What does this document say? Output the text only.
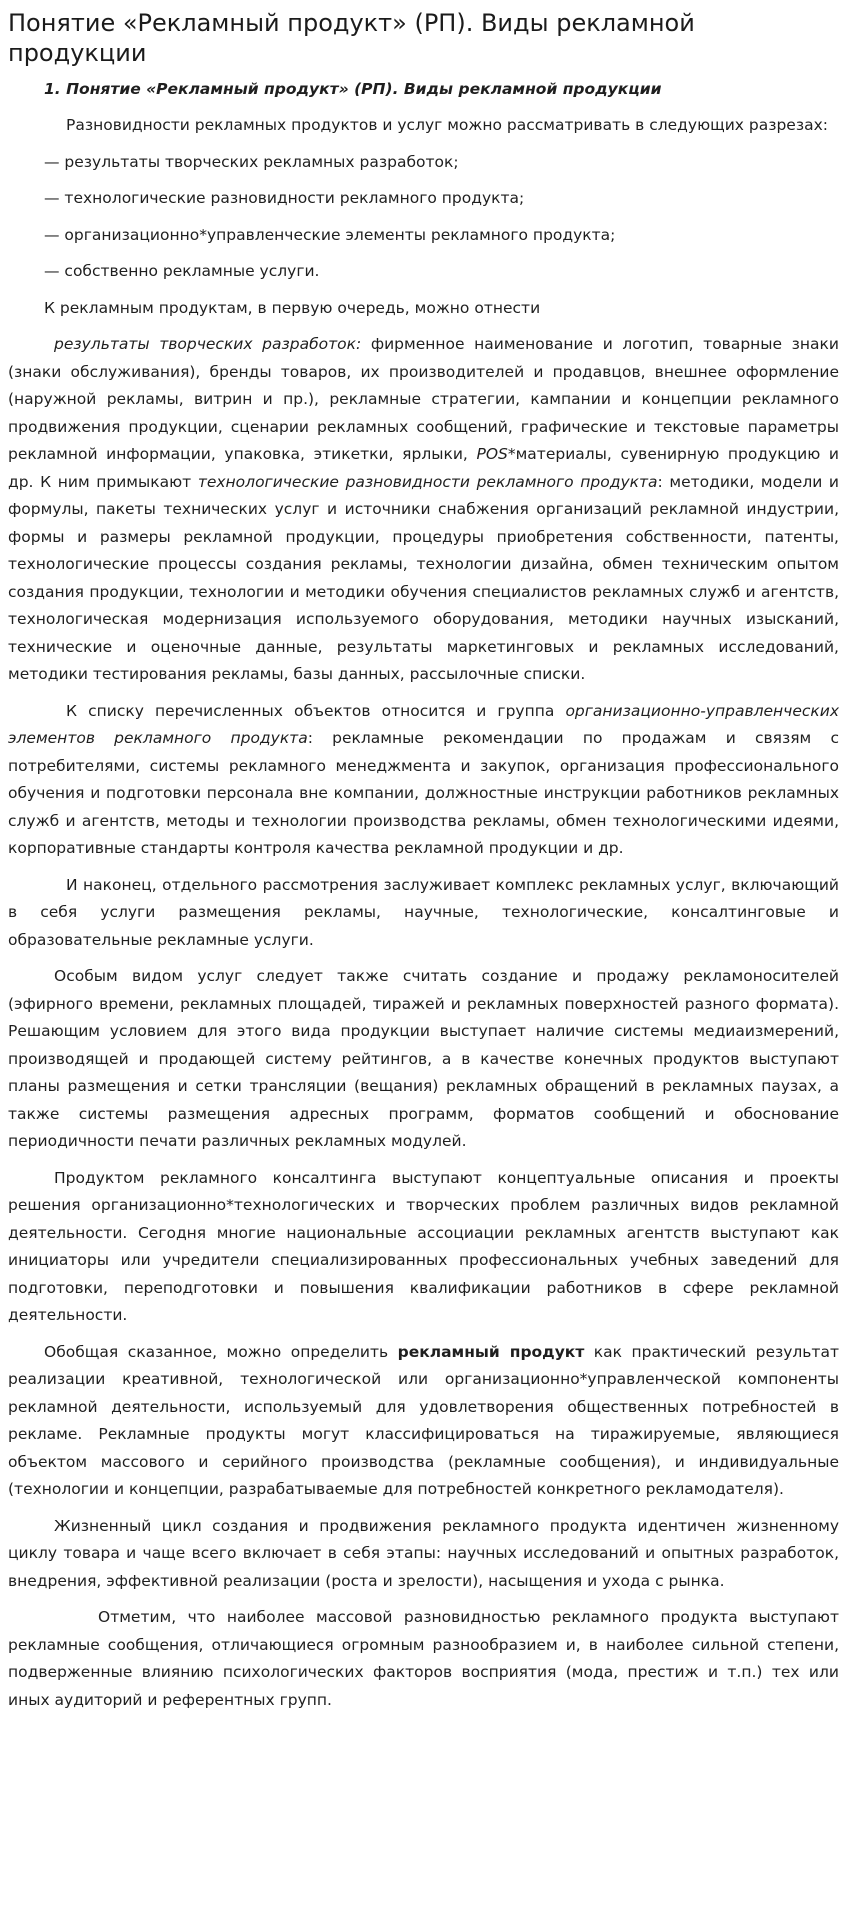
Понятие «Рекламный продукт» (РП). Виды рекламной продукции
1. Понятие «Рекламный продукт» (РП). Виды рекламной продукции

Разновидности рекламных продуктов и услуг можно рассматривать в следующих разрезах:

— результаты творческих рекламных разработок;

— технологические разновидности рекламного продукта;

— организационно*управленческие элементы рекламного продукта;

— собственно рекламные услуги.

К рекламным продуктам, в первую очередь, можно отнести

результаты творческих разработок: фирменное наименование и логотип, товарные знаки (знаки обслуживания), бренды товаров, их производителей и продавцов, внешнее оформление (наружной рекламы, витрин и пр.), рекламные стратегии, кампании и концепции рекламного продвижения продукции, сценарии рекламных сообщений, графические и текстовые параметры рекламной информации, упаковка, этикетки, ярлыки, POS*материалы, сувенирную продукцию и др. К ним примыкают технологические разновидности рекламного продукта: методики, модели и формулы, пакеты технических услуг и источники снабжения организаций рекламной индустрии, формы и размеры рекламной продукции, процедуры приобретения собственности, патенты, технологические процессы создания рекламы, технологии дизайна, обмен техническим опытом создания продукции, технологии и методики обучения специалистов рекламных служб и агентств, технологическая модернизация используемого оборудования, методики научных изысканий, технические и оценочные данные, результаты маркетинговых и рекламных исследований, методики тестирования рекламы, базы данных, рассылочные списки.

К списку перечисленных объектов относится и группа организационно-управленческих элементов рекламного продукта: рекламные рекомендации по продажам и связям с потребителями, системы рекламного менеджмента и закупок, организация профессионального обучения и подготовки персонала вне компании, должностные инструкции работников рекламных служб и агентств, методы и технологии производства рекламы, обмен технологическими идеями, корпоративные стандарты контроля качества рекламной продукции и др.

И наконец, отдельного рассмотрения заслуживает комплекс рекламных услуг, включающий в себя услуги размещения рекламы, научные, технологические, консалтинговые и образовательные рекламные услуги.

Особым видом услуг следует также считать создание и продажу рекламоносителей (эфирного времени, рекламных площадей, тиражей и рекламных поверхностей разного формата). Решающим условием для этого вида продукции выступает наличие системы медиаизмерений, производящей и продающей систему рейтингов, а в качестве конечных продуктов выступают планы размещения и сетки трансляции (вещания) рекламных обращений в рекламных паузах, а также системы размещения адресных программ, форматов сообщений и обоснование периодичности печати различных рекламных модулей.

Продуктом рекламного консалтинга выступают концептуальные описания и проекты решения организационно*технологических и творческих проблем различных видов рекламной деятельности. Сегодня многие национальные ассоциации рекламных агентств выступают как инициаторы или учредители специализированных профессиональных учебных заведений для подготовки, переподготовки и повышения квалификации работников в сфере рекламной деятельности.

Обобщая сказанное, можно определить рекламный продукт как практический результат реализации креативной, технологической или организационно*управленческой компоненты рекламной деятельности, используемый для удовлетворения общественных потребностей в рекламе. Рекламные продукты могут классифицироваться на тиражируемые, являющиеся объектом массового и серийного производства (рекламные сообщения), и индивидуальные (технологии и концепции, разрабатываемые для потребностей конкретного рекламодателя).

Жизненный цикл создания и продвижения рекламного продукта идентичен жизненному циклу товара и чаще всего включает в себя этапы: научных исследований и опытных разработок, внедрения, эффективной реализации (роста и зрелости), насыщения и ухода с рынка.

Отметим, что наиболее массовой разновидностью рекламного продукта выступают рекламные сообщения, отличающиеся огромным разнообразием и, в наиболее сильной степени, подверженные влиянию психологических факторов восприятия (мода, престиж и т.п.) тех или иных аудиторий и референтных групп.
